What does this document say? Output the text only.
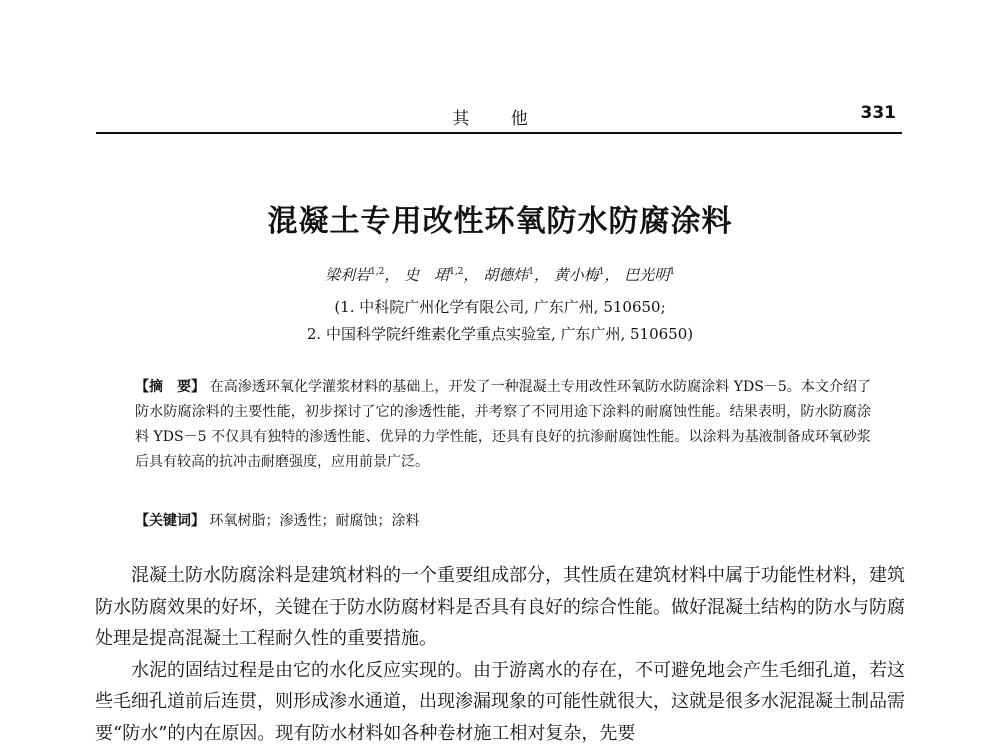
其 他	331
混凝土专用改性环氧防水防腐涂料
梁利岩$^{1,2}$， 史　珺$^{1,2}$， 胡德炜$^1$， 黄小梅$^1$， 巴光明$^1$
(1. 中科院广州化学有限公司, 广东广州, 510650;
2. 中国科学院纤维素化学重点实验室, 广东广州, 510650)
【摘　要】 在高渗透环氧化学灌浆材料的基础上，开发了一种混凝土专用改性环氧防水防腐涂料 YDS－5。本文介绍了防水防腐涂料的主要性能，初步探讨了它的渗透性能，并考察了不同用途下涂料的耐腐蚀性能。结果表明，防水防腐涂料 YDS－5 不仅具有独特的渗透性能、优异的力学性能，还具有良好的抗渗耐腐蚀性能。以涂料为基液制备成环氧砂浆后具有较高的抗冲击耐磨强度，应用前景广泛。
【关键词】 环氧树脂；渗透性；耐腐蚀；涂料

混凝土防水防腐涂料是建筑材料的一个重要组成部分，其性质在建筑材料中属于功能性材料，建筑防水防腐效果的好坏，关键在于防水防腐材料是否具有良好的综合性能。做好混凝土结构的防水与防腐处理是提高混凝土工程耐久性的重要措施。

水泥的固结过程是由它的水化反应实现的。由于游离水的存在，不可避免地会产生毛细孔道，若这些毛细孔道前后连贯，则形成渗水通道，出现渗漏现象的可能性就很大，这就是很多水泥混凝土制品需要“防水”的内在原因。现有防水材料如各种卷材施工相对复杂，先要
